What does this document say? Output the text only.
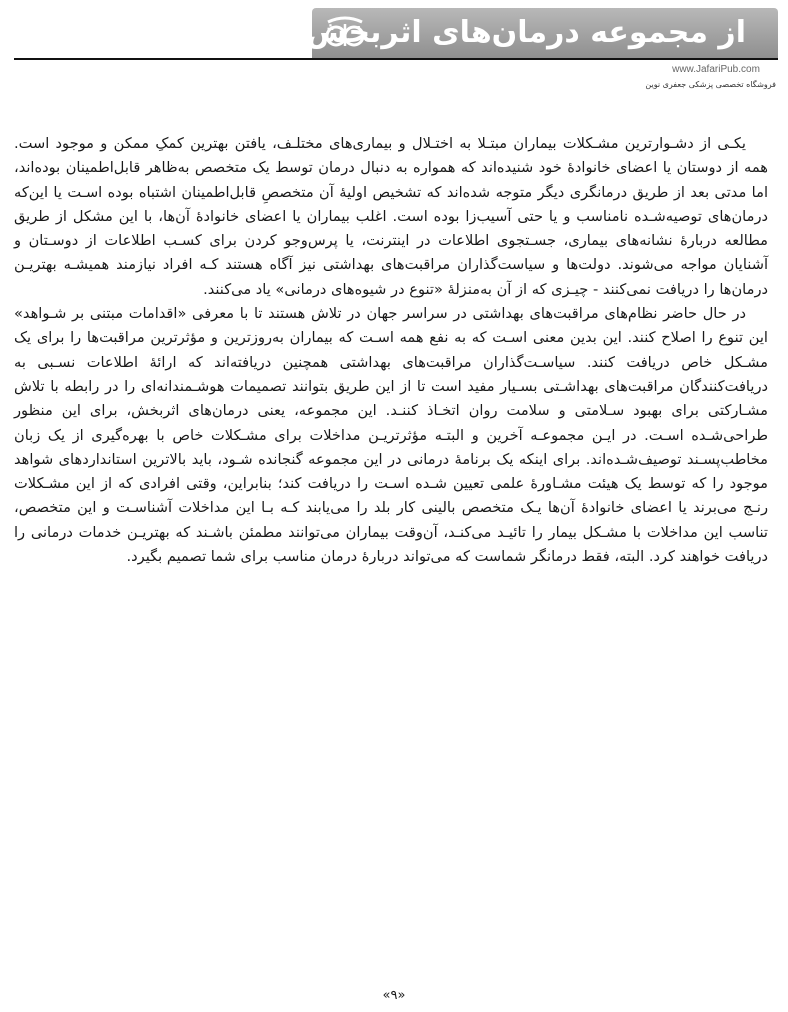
از مجموعه درمان‌های اثربخش
www.JafariPub.com
فروشگاه تخصصی پزشکی جعفری نوین

یکـی از دشـوارترین مشـکلات بیماران مبتـلا به اختـلال و بیماری‌های مختلـف، یافتن بهترین کمکِ ممکن و موجود است. همه از دوستان یا اعضای خانوادهٔ خود شنیده‌اند که همواره به دنبال درمان توسط یک متخصص به‌ظاهر قابل‌اطمینان بوده‌اند، اما مدتی بعد از طریق درمانگری دیگر متوجه شده‌اند که تشخیص اولیهٔ آن متخصصِ قابل‌اطمینان اشتباه بوده اسـت یا این‌که درمان‌های توصیه‌شـده نامناسب و یا حتی آسیب‌زا بوده است. اغلب بیماران یا اعضای خانوادهٔ آن‌ها، با این مشکل از طریق مطالعه دربارهٔ نشانه‌های بیماری، جسـتجوی اطلاعات در اینترنت، یا پرس‌وجو کردن برای کسـب اطلاعات از دوسـتان و آشنایان مواجه می‌شوند. دولت‌ها و سیاست‌گذاران مراقبت‌های بهداشتی نیز آگاه هستند کـه افراد نیازمند همیشـه بهتریـن درمان‌ها را دریافت نمی‌کنند - چیـزی که از آن به‌منزلهٔ «تنوع در شیوه‌های درمانی» یاد می‌کنند.

در حال حاضر نظام‌های مراقبت‌های بهداشتی در سراسر جهان در تلاش هستند تا با معرفی «اقدامات مبتنی بر شـواهد» این تنوع را اصلاح کنند. این بدین معنی اسـت که به نفع همه اسـت که بیماران به‌روزترین و مؤثرترین مراقبت‌ها را برای یک مشـکل خاص دریافت کنند. سیاسـت‌گذاران مراقبت‌های بهداشتی همچنین دریافته‌اند که ارائهٔ اطلاعات نسـبی به دریافت‌کنندگان مراقبت‌های بهداشـتی بسـیار مفید است تا از این طریق بتوانند تصمیمات هوشـمندانه‌ای را در رابطه با تلاش مشـارکتی برای بهبود سـلامتی و سلامت روان اتخـاذ کننـد. این مجموعه، یعنی درمان‌های اثربخش، برای این منظور طراحی‌شـده اسـت. در ایـن مجموعـه آخرین و البتـه مؤثرتریـن مداخلات برای مشـکلات خاص با بهره‌گیری از یک زبان مخاطب‌پسـند توصیف‌شـده‌اند. برای اینکه یک برنامهٔ درمانی در این مجموعه گنجانده شـود، باید بالاترین استانداردهای شواهد موجود را که توسط یک هیئت مشـاورهٔ علمی تعیین شـده اسـت را دریافت کند؛ بنابراین، وقتی افرادی که از این مشـکلات رنـج می‌برند یا اعضای خانوادهٔ آن‌ها یـک متخصص بالینی کار بلد را می‌یابند کـه بـا این مداخلات آشناسـت و این متخصص، تناسب این مداخلات با مشـکل بیمار را تائیـد می‌کنـد، آن‌وقت بیماران می‌توانند مطمئن باشـند که بهتریـن خدمات درمانی را دریافت خواهند کرد. البته، فقط درمانگر شماست که می‌تواند دربارهٔ درمان مناسب برای شما تصمیم بگیرد.

«۹»
